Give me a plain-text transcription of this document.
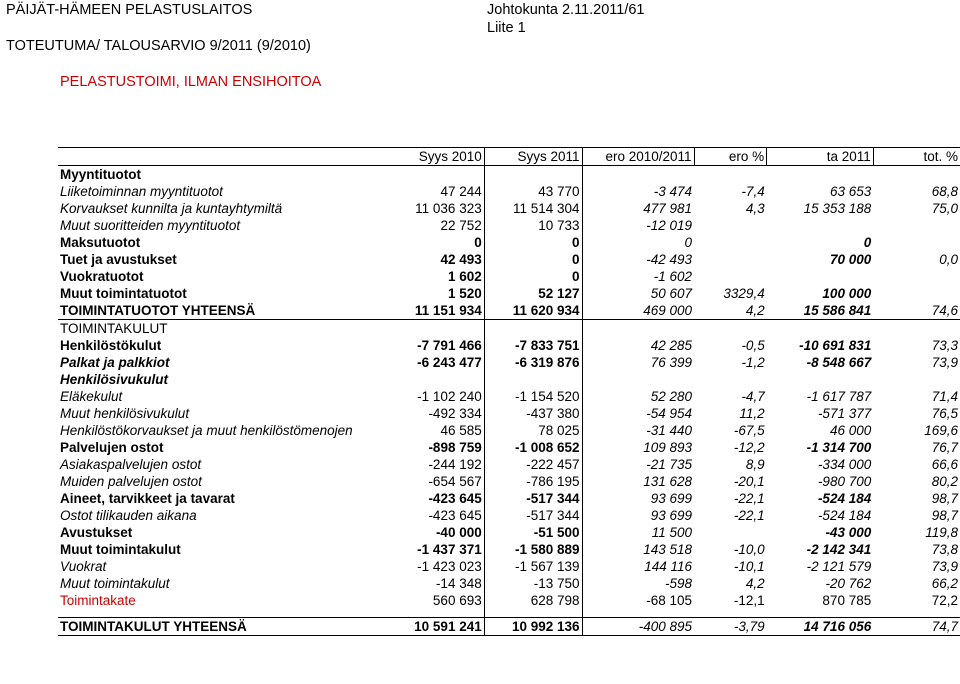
PÄIJÄT-HÄMEEN PELASTUSLAITOS	Johtokunta 2.11.2011/61
Liite 1
TOTEUTUMA/ TALOUSARVIO 9/2011 (9/2010)
PELASTUSTOIMI, ILMAN ENSIHOITOA
	Syys 2010	Syys 2011	ero 2010/2011	ero %	ta 2011	tot. %
Myyntituotot						
Liiketoiminnan myyntituotot	47 244	43 770	-3 474	-7,4	63 653	68,8
Korvaukset kunnilta ja kuntayhtymiltä	11 036 323	11 514 304	477 981	4,3	15 353 188	75,0
Muut suoritteiden myyntituotot	22 752	10 733	-12 019			
Maksutuotot	0	0	0		0	
Tuet ja avustukset	42 493	0	-42 493		70 000	0,0
Vuokratuotot	1 602	0	-1 602			
Muut toimintatuotot	1 520	52 127	50 607	3329,4	100 000	
TOIMINTATUOTOT YHTEENSÄ	11 151 934	11 620 934	469 000	4,2	15 586 841	74,6
TOIMINTAKULUT						
Henkilöstökulut	-7 791 466	-7 833 751	42 285	-0,5	-10 691 831	73,3
Palkat ja palkkiot	-6 243 477	-6 319 876	76 399	-1,2	-8 548 667	73,9
Henkilösivukulut						
Eläkekulut	-1 102 240	-1 154 520	52 280	-4,7	-1 617 787	71,4
Muut henkilösivukulut	-492 334	-437 380	-54 954	11,2	-571 377	76,5
Henkilöstökorvaukset ja muut henkilöstömenojen	46 585	78 025	-31 440	-67,5	46 000	169,6
Palvelujen ostot	-898 759	-1 008 652	109 893	-12,2	-1 314 700	76,7
Asiakaspalvelujen ostot	-244 192	-222 457	-21 735	8,9	-334 000	66,6
Muiden palvelujen ostot	-654 567	-786 195	131 628	-20,1	-980 700	80,2
Aineet, tarvikkeet ja tavarat	-423 645	-517 344	93 699	-22,1	-524 184	98,7
Ostot tilikauden aikana	-423 645	-517 344	93 699	-22,1	-524 184	98,7
Avustukset	-40 000	-51 500	11 500		-43 000	119,8
Muut toimintakulut	-1 437 371	-1 580 889	143 518	-10,0	-2 142 341	73,8
Vuokrat	-1 423 023	-1 567 139	144 116	-10,1	-2 121 579	73,9
Muut toimintakulut	-14 348	-13 750	-598	4,2	-20 762	66,2
Toimintakate	560 693	628 798	-68 105	-12,1	870 785	72,2

TOIMINTAKULUT YHTEENSÄ	10 591 241	10 992 136	-400 895	-3,79	14 716 056	74,7
